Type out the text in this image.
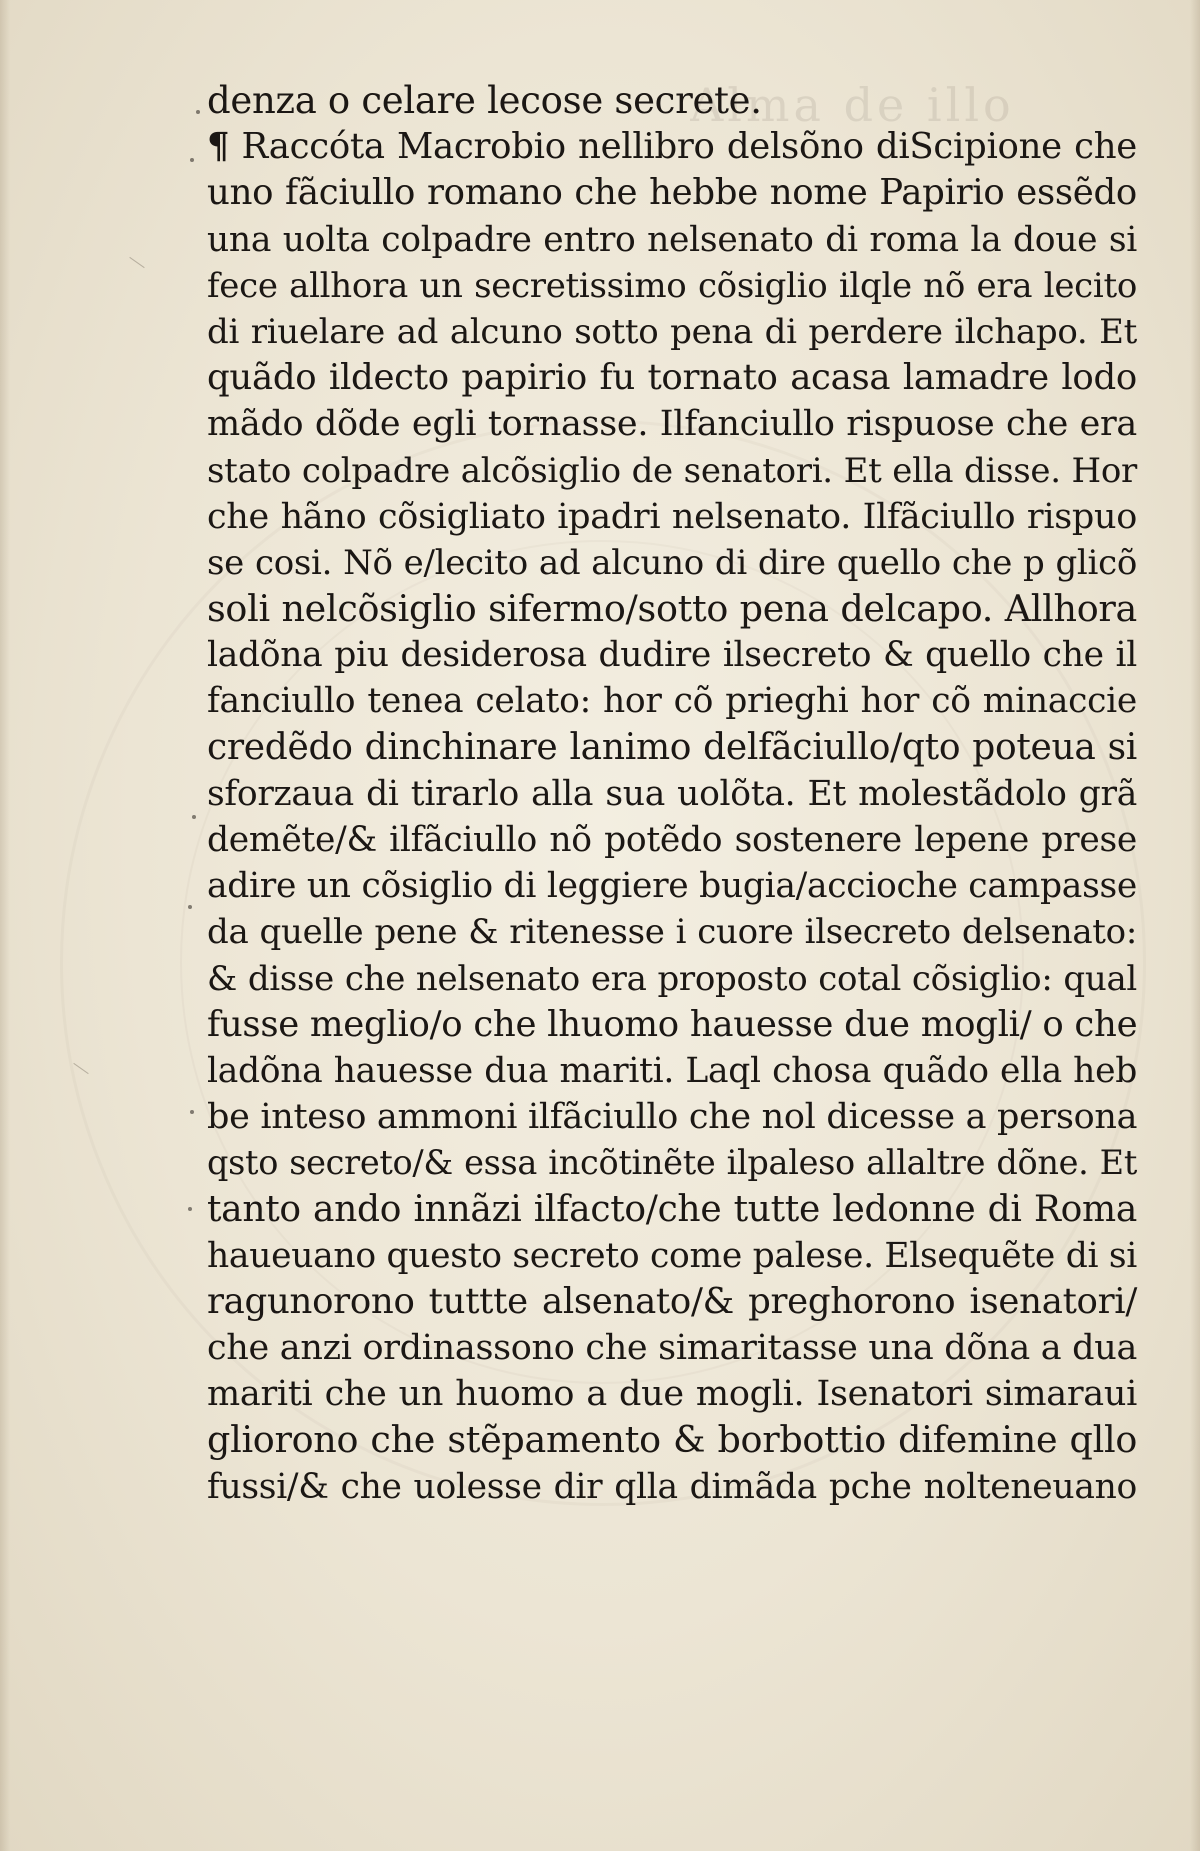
Alma de illo
denza o celare lecose secrete.
¶ Raccóta Macrobio nellibro delsõno diScipione che
uno fãciullo romano che hebbe nome Papirio essẽdo
una uolta colpadre entro nelsenato di roma la doue si
fece allhora un secretissimo cõsiglio ilqle nõ era lecito
di riuelare ad alcuno sotto pena di perdere ilchapo. Et
quãdo ildecto papirio fu tornato acasa lamadre lodo
mãdo dõde egli tornasse. Ilfanciullo rispuose che era
stato colpadre alcõsiglio de senatori. Et ella disse. Hor
che hãno cõsigliato ipadri nelsenato. Ilfãciullo rispuo
se cosi. Nõ e/lecito ad alcuno di dire quello che p glicõ
soli nelcõsiglio sifermo/sotto pena delcapo. Allhora
ladõna piu desiderosa dudire ilsecreto & quello che il
fanciullo tenea celato: hor cõ prieghi hor cõ minaccie
credẽdo dinchinare lanimo delfãciullo/qto poteua si
sforzaua di tirarlo alla sua uolõta. Et molestãdolo grã
demẽte/& ilfãciullo nõ potẽdo sostenere lepene prese
adire un cõsiglio di leggiere bugia/accioche campasse
da quelle pene & ritenesse i cuore ilsecreto delsenato:
& disse che nelsenato era proposto cotal cõsiglio: qual
fusse meglio/o che lhuomo hauesse due mogli/ o che
ladõna hauesse dua mariti. Laql chosa quãdo ella heb
be inteso ammoni ilfãciullo che nol dicesse a persona
qsto secreto/& essa incõtinẽte ilpaleso allaltre dõne. Et
tanto ando innãzi ilfacto/che tutte ledonne di Roma
haueuano questo secreto come palese. Elsequẽte di si
ragunorono tuttte alsenato/& preghorono isenatori/
che anzi ordinassono che simaritasse una dõna a dua
mariti che un huomo a due mogli. Isenatori simaraui
gliorono che stẽpamento & borbottio difemine qllo
fussi/& che uolesse dir qlla dimãda pche nolteneuano
